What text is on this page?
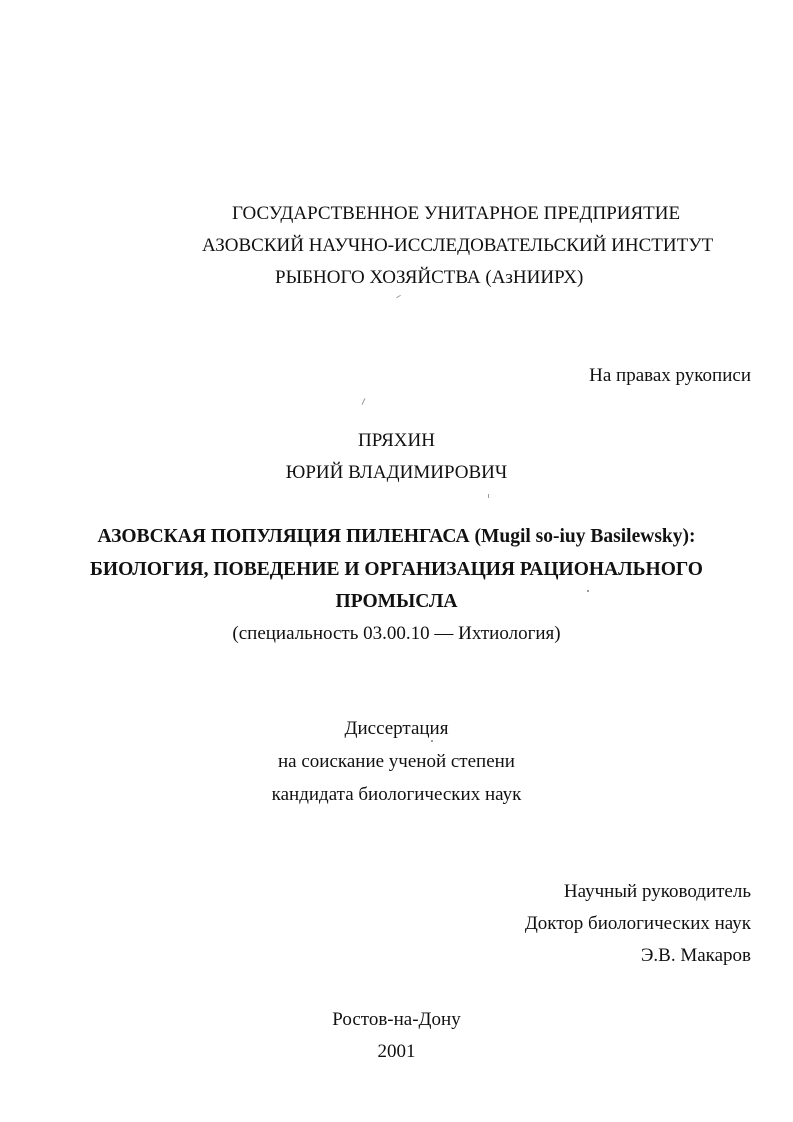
ГОСУДАРСТВЕННОЕ УНИТАРНОЕ ПРЕДПРИЯТИЕ
АЗОВСКИЙ НАУЧНО-ИССЛЕДОВАТЕЛЬСКИЙ ИНСТИТУТ
РЫБНОГО ХОЗЯЙСТВА (АзНИИРХ)
На правах рукописи
ПРЯХИН
ЮРИЙ ВЛАДИМИРОВИЧ
АЗОВСКАЯ ПОПУЛЯЦИЯ ПИЛЕНГАСА (Mugil so-iuy Basilewsky):
БИОЛОГИЯ, ПОВЕДЕНИЕ И ОРГАНИЗАЦИЯ РАЦИОНАЛЬНОГО
ПРОМЫСЛА
(специальность 03.00.10 — Ихтиология)
Диссертация
на соискание ученой степени
кандидата биологических наук
Научный руководитель
Доктор биологических наук
Э.В. Макаров
Ростов-на-Дону
2001
